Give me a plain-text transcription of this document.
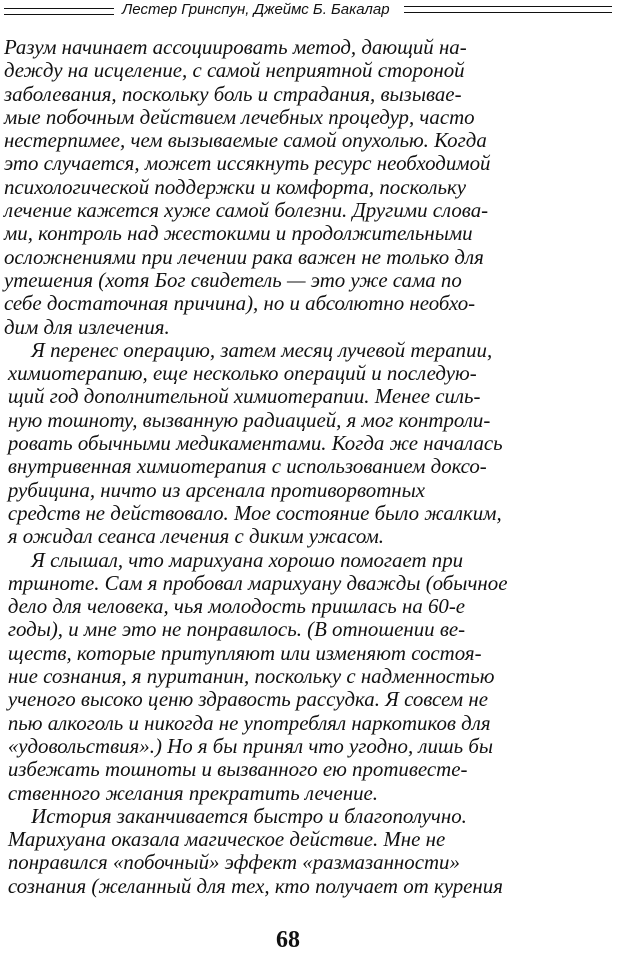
Лестер Гринспун, Джеймс Б. Бакалар
Разум начинает ассоциировать метод, дающий на-
дежду на исцеление, с самой неприятной стороной
заболевания, поскольку боль и страдания, вызывае-
мые побочным действием лечебных процедур, часто
нестерпимее, чем вызываемые самой опухолью. Когда
это случается, может иссякнуть ресурс необходимой
психологической поддержки и комфорта, поскольку
лечение кажется хуже самой болезни. Другими слова-
ми, контроль над жестокими и продолжительными
осложнениями при лечении рака важен не только для
утешения (хотя Бог свидетель — это уже сама по
себе достаточная причина), но и абсолютно необхо-
дим для излечения.
Я перенес операцию, затем месяц лучевой терапии,
химиотерапию, еще несколько операций и последую-
щий год дополнительной химиотерапии. Менее силь-
ную тошноту, вызванную радиацией, я мог контроли-
ровать обычными медикаментами. Когда же началась
внутривенная химиотерапия с использованием доксо-
рубицина, ничто из арсенала противорвотных
средств не действовало. Мое состояние было жалким,
я ожидал сеанса лечения с диким ужасом.
Я слышал, что марихуана хорошо помогает при
тршноте. Сам я пробовал марихуану дважды (обычное
дело для человека, чья молодость пришлась на 60-е
годы), и мне это не понравилось. (В отношении ве-
ществ, которые притупляют или изменяют состоя-
ние сознания, я пуританин, поскольку с надменностью
ученого высоко ценю здравость рассудка. Я совсем не
пью алкоголь и никогда не употреблял наркотиков для
«удовольствия».) Но я бы принял что угодно, лишь бы
избежать тошноты и вызванного ею противесте-
ственного желания прекратить лечение.
История заканчивается быстро и благополучно.
Марихуана оказала магическое действие. Мне не
понравился «побочный» эффект «размазанности»
сознания (желанный для тех, кто получает от курения
68
